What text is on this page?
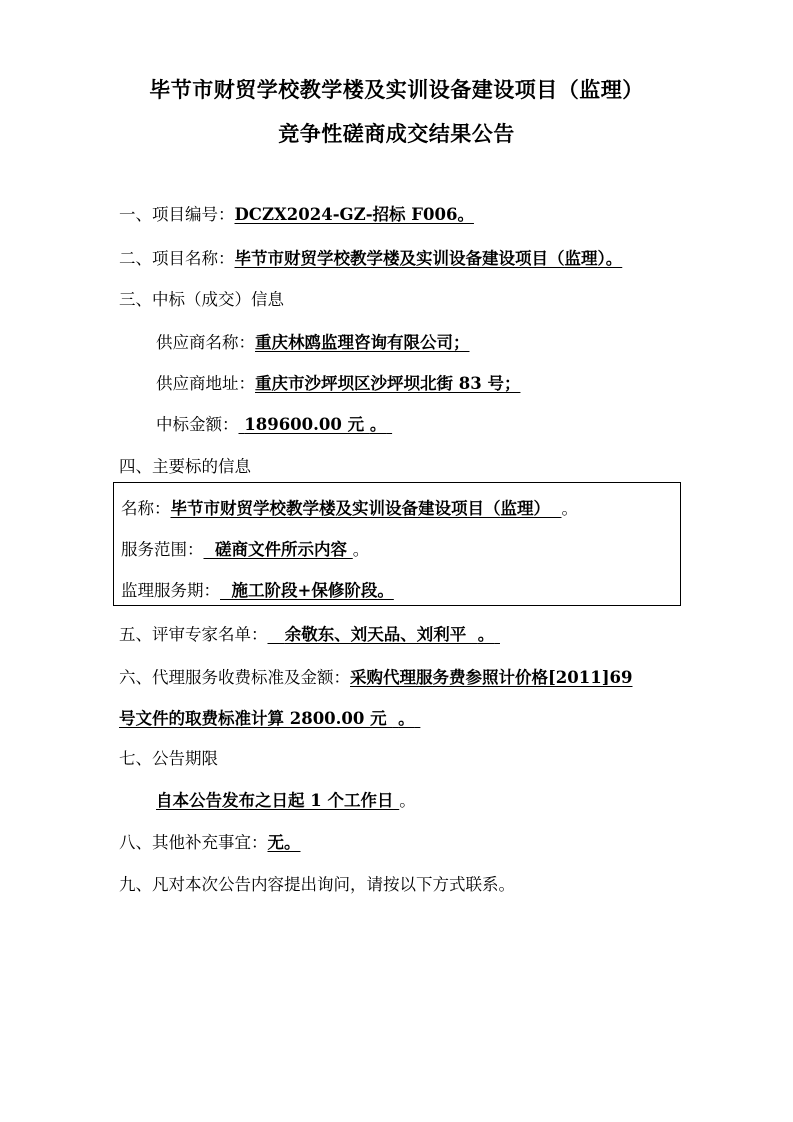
毕节市财贸学校教学楼及实训设备建设项目（监理）
竞争性磋商成交结果公告
一、项目编号：DCZX2024-GZ-招标 F006。
二、项目名称：毕节市财贸学校教学楼及实训设备建设项目（监理）。
三、中标（成交）信息
供应商名称：重庆林鸥监理咨询有限公司；
供应商地址：重庆市沙坪坝区沙坪坝北街 83 号；
中标金额： 189600.00 元 。
四、主要标的信息
名称：毕节市财贸学校教学楼及实训设备建设项目（监理） 。
服务范围： 磋商文件所示内容 。
监理服务期： 施工阶段+保修阶段。
五、评审专家名单： 余敬东、刘天品、刘利平  。
六、代理服务收费标准及金额：采购代理服务费参照计价格[2011]69
号文件的取费标准计算 2800.00 元  。
七、公告期限
自本公告发布之日起 1 个工作日 。
八、其他补充事宜：无。
九、凡对本次公告内容提出询问，请按以下方式联系。
